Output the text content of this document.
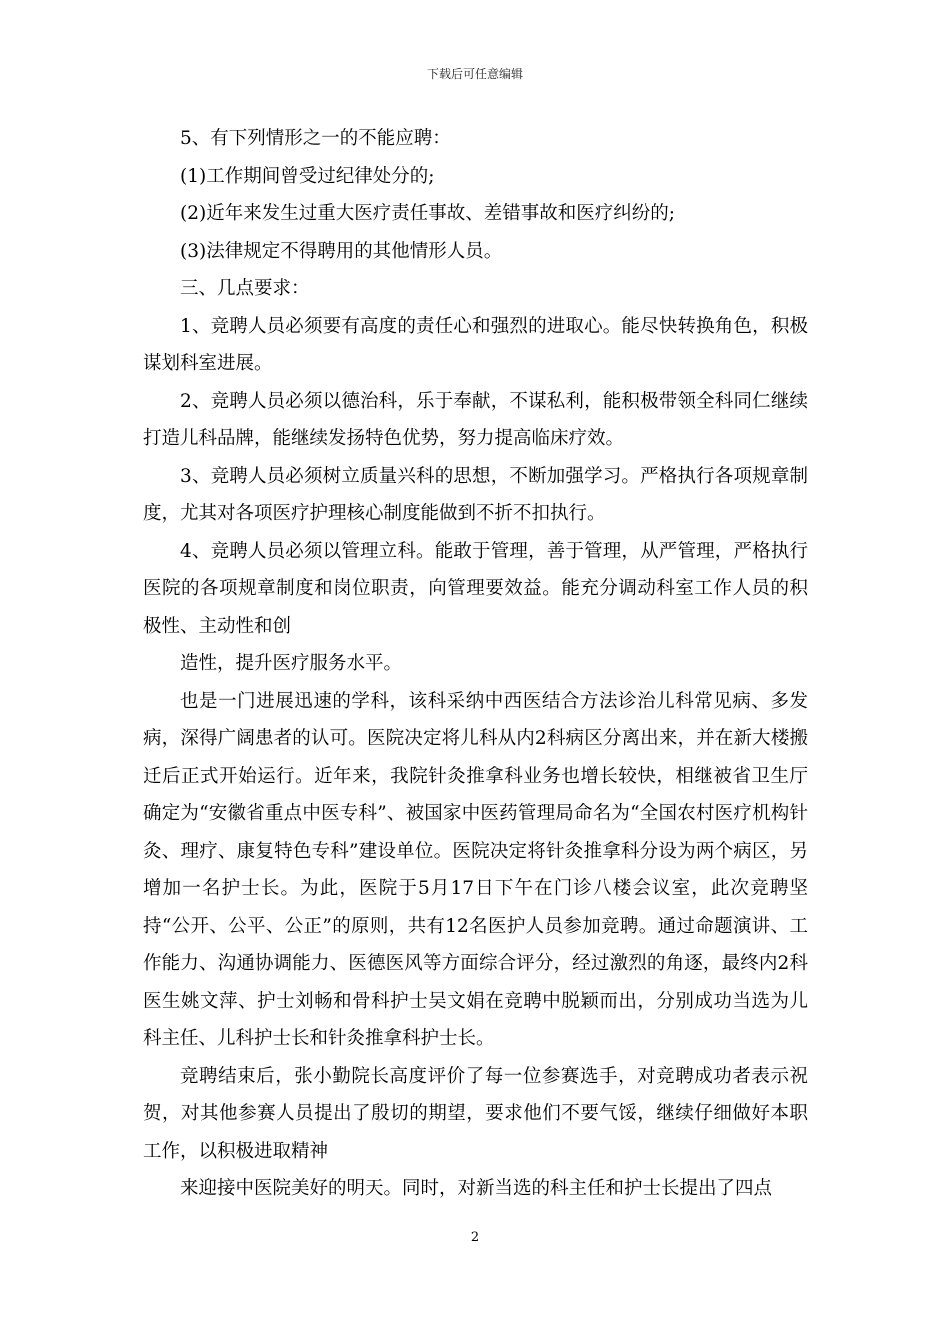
下载后可任意编辑

5、有下列情形之一的不能应聘：

(1)工作期间曾受过纪律处分的;

(2)近年来发生过重大医疗责任事故、差错事故和医疗纠纷的;

(3)法律规定不得聘用的其他情形人员。

三、几点要求：

1、竞聘人员必须要有高度的责任心和强烈的进取心。能尽快转换角色，积极谋划科室进展。

2、竞聘人员必须以德治科，乐于奉献，不谋私利，能积极带领全科同仁继续打造儿科品牌，能继续发扬特色优势，努力提高临床疗效。

3、竞聘人员必须树立质量兴科的思想，不断加强学习。严格执行各项规章制度，尤其对各项医疗护理核心制度能做到不折不扣执行。

4、竞聘人员必须以管理立科。能敢于管理，善于管理，从严管理，严格执行医院的各项规章制度和岗位职责，向管理要效益。能充分调动科室工作人员的积极性、主动性和创

造性，提升医疗服务水平。

也是一门进展迅速的学科，该科采纳中西医结合方法诊治儿科常见病、多发病，深得广阔患者的认可。医院决定将儿科从内2科病区分离出来，并在新大楼搬迁后正式开始运行。近年来，我院针灸推拿科业务也增长较快，相继被省卫生厅确定为“安徽省重点中医专科”、被国家中医药管理局命名为“全国农村医疗机构针灸、理疗、康复特色专科”建设单位。医院决定将针灸推拿科分设为两个病区，另增加一名护士长。为此，医院于5月17日下午在门诊八楼会议室，此次竞聘坚持“公开、公平、公正”的原则，共有12名医护人员参加竞聘。通过命题演讲、工作能力、沟通协调能力、医德医风等方面综合评分，经过激烈的角逐，最终内2科医生姚文萍、护士刘畅和骨科护士吴文娟在竞聘中脱颖而出，分别成功当选为儿科主任、儿科护士长和针灸推拿科护士长。

竞聘结束后，张小勤院长高度评价了每一位参赛选手，对竞聘成功者表示祝贺，对其他参赛人员提出了殷切的期望，要求他们不要气馁，继续仔细做好本职工作，以积极进取精神

来迎接中医院美好的明天。同时，对新当选的科主任和护士长提出了四点

2
